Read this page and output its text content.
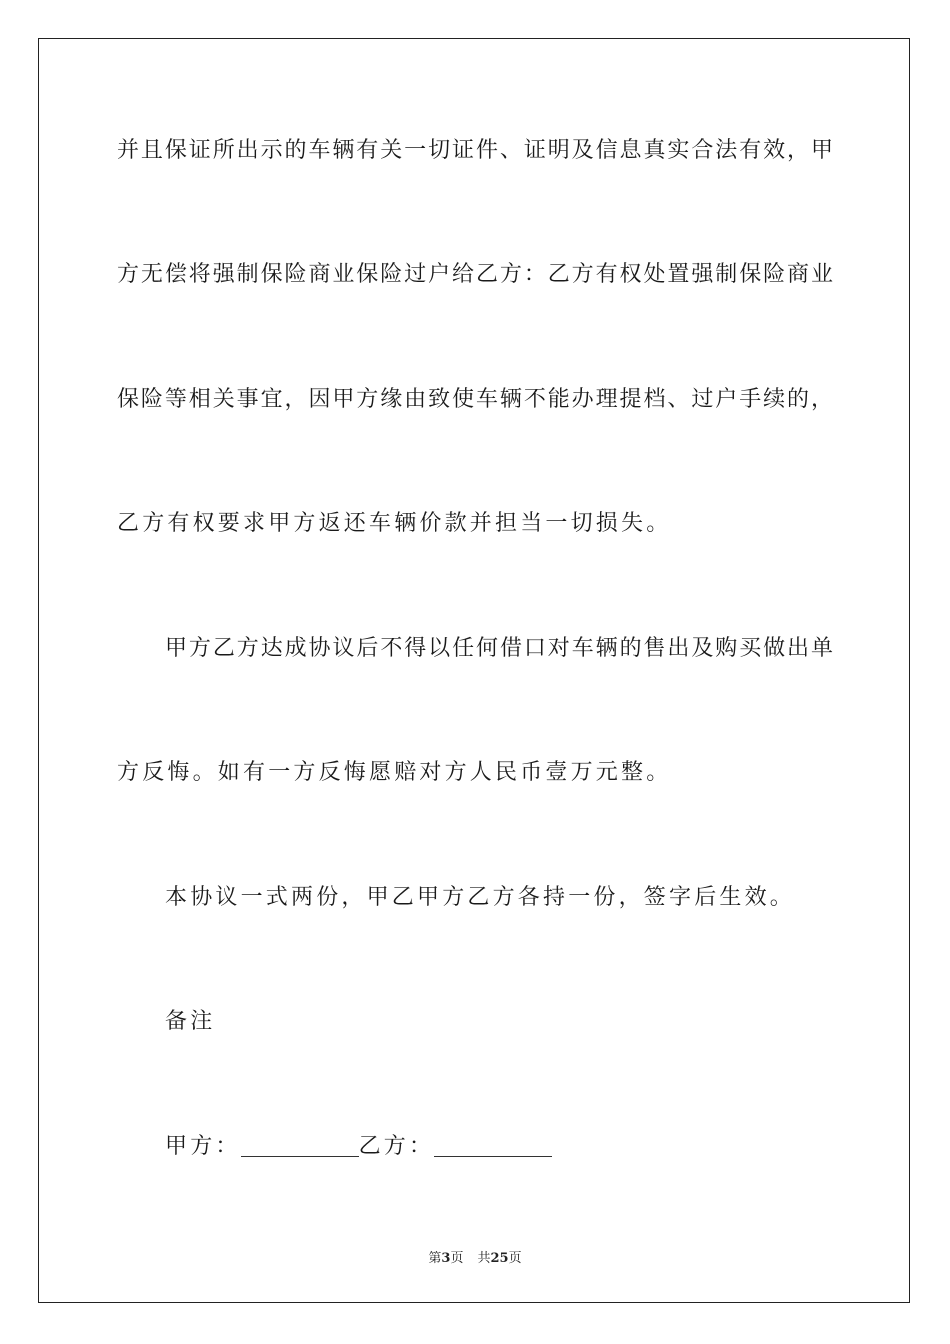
并且保证所出示的车辆有关一切证件、证明及信息真实合法有效，甲
方无偿将强制保险商业保险过户给乙方：乙方有权处置强制保险商业
保险等相关事宜，因甲方缘由致使车辆不能办理提档、过户手续的，
乙方有权要求甲方返还车辆价款并担当一切损失。
甲方乙方达成协议后不得以任何借口对车辆的售出及购买做出单
方反悔。如有一方反悔愿赔对方人民币壹万元整。
本协议一式两份，甲乙甲方乙方各持一份，签字后生效。
备注
甲方：	乙方：
第3页 共25页
